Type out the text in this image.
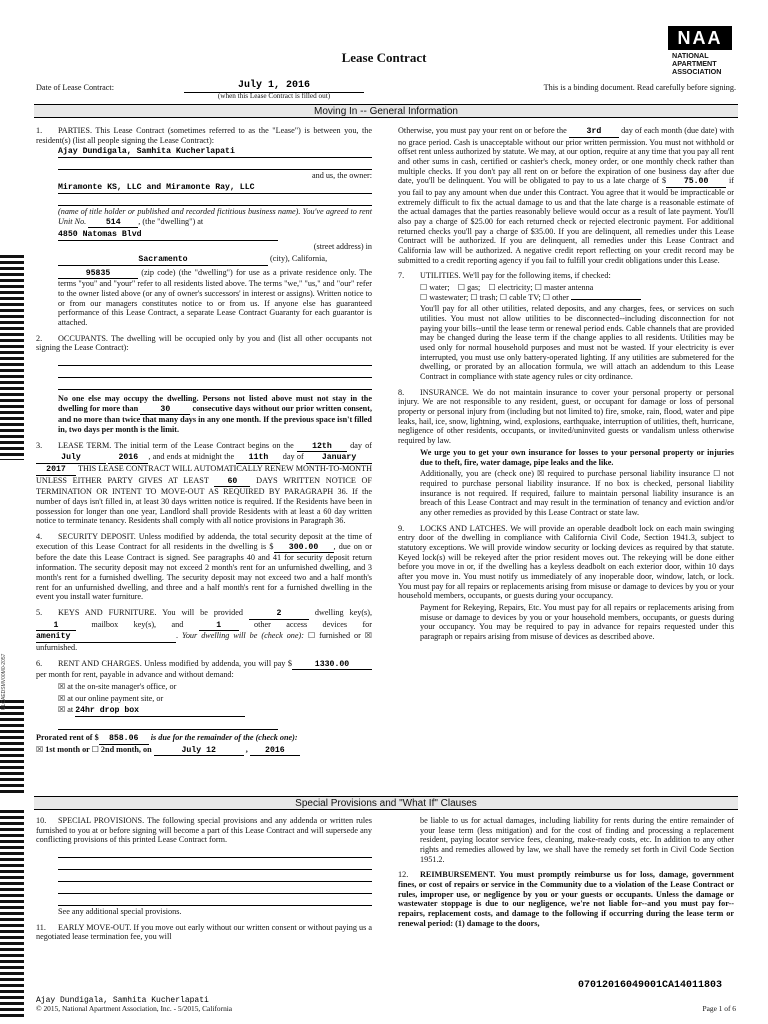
ULCAEDSMV00M0-2057
Lease Contract
NAA
NATIONAL
APARTMENT
ASSOCIATION
Date of Lease Contract:	July 1, 2016
(when this Lease Contract is filled out)
This is a binding document. Read carefully before signing.
Moving In -- General Information

1. PARTIES. This Lease Contract (sometimes referred to as the "Lease") is between you, the resident(s) (list all people signing the Lease Contract):

Ajay Dundigala, Samhita Kucherlapati

and us, the owner:

Miramonte KS, LLC and Miramonte Ray, LLC

(name of title holder or published and recorded fictitious business name). You've agreed to rent Unit No. 514 , (the "dwelling") at

4850 Natomas Blvd

(street address) in

Sacramento	(city), California,

95835	(zip code) (the "dwelling") for use as a private residence only. The terms "you" and "your" refer to all residents listed above. The terms "we," "us," and "our" refer to the owner listed above (or any of owner's successors' in interest or assigns). Written notice to or from our managers constitutes notice to or from us. If anyone else has guaranteed performance of this Lease Contract, a separate Lease Contract Guaranty for each guarantor is attached.

2. OCCUPANTS. The dwelling will be occupied only by you and (list all other occupants not signing the Lease Contract):

No one else may occupy the dwelling. Persons not listed above must not stay in the dwelling for more than	30	consecutive days without our prior written consent, and no more than twice that many days in any one month. If the previous space isn't filled in, two days per month is the limit.

3. LEASE TERM. The initial term of the Lease Contract begins on the 12th day of July	2016 , and ends at midnight the 11th day of January 2017 THIS LEASE CONTRACT WILL AUTOMATICALLY RENEW MONTH-TO-MONTH UNLESS EITHER PARTY GIVES AT LEAST 60 DAYS WRITTEN NOTICE OF TERMINATION OR INTENT TO MOVE-OUT AS REQUIRED BY PARAGRAPH 36. If the number of days isn't filled in, at least 30 days written notice is required. If the Residents have been in possession for longer than one year, Landlord shall provide Residents with at least a 60 day written notice to terminate tenancy. Residents shall comply with all notice provisions in Paragraph 36.

4. SECURITY DEPOSIT. Unless modified by addenda, the total security deposit at the time of execution of this Lease Contract for all residents in the dwelling is $ 300.00 , due on or before the date this Lease Contract is signed. See paragraphs 40 and 41 for security deposit return information. The security deposit may not exceed 2 month's rent for an unfurnished dwelling, and 3 month's rent for a furnished dwelling. The security deposit may not exceed two and a half month's rent for an unfurnished dwelling, and three and a half month's rent for a furnished dwelling in the event you install water furniture.

5. KEYS AND FURNITURE. You will be provided	2	dwelling key(s), 1	mailbox key(s), and	1	other access devices for amenity	. Your dwelling will be (check one): ☐ furnished or ☒ unfurnished.

6. RENT AND CHARGES. Unless modified by addenda, you will pay $	1330.00 per month for rent, payable in advance and without demand:

☒ at the on-site manager's office, or

☒ at our online payment site, or

☒ at 24hr drop box

Prorated rent of $ 858.06 is due for the remainder of the (check one):
☒ 1st month or ☐ 2nd month, on	July 12	, 2016

Otherwise, you must pay your rent on or before the 3rd day of each month (due date) with no grace period. Cash is unacceptable without our prior written permission. You must not withhold or offset rent unless authorized by statute. We may, at our option, require at any time that you pay all rent and other sums in cash, certified or cashier's check, money order, or one monthly check rather than multiple checks. If you don't pay all rent on or before the expiration of one business day after due date, you'll be delinquent. You will be obligated to pay to us a late charge of $ 75.00	if you fail to pay any amount when due under this Contract. You agree that it would be impracticable or extremely difficult to fix the actual damage to us and that the late charge is a reasonable estimate of the actual damages that the parties reasonably believe would occur as a result of late payment. You'll also pay a charge of $25.00 for each returned check or rejected electronic payment. For additional returned checks you'll pay a charge of $35.00. If you are delinquent, all remedies under this Lease Contract will be authorized. If you are delinquent, all remedies under this Lease Contract and California law will be authorized. A negative credit report reflecting on your credit record may be submitted to a credit reporting agency if you fail to fulfill your credit obligations under this Lease.

7. UTILITIES. We'll pay for the following items, if checked:

☐ water; ☐ gas; ☐ electricity; ☐ master antenna
☐ wastewater; ☐ trash; ☐ cable TV; ☐ other

You'll pay for all other utilities, related deposits, and any charges, fees, or services on such utilities. You must not allow utilities to be disconnected--including disconnection for not paying your bills--until the lease term or renewal period ends. Cable channels that are provided may be changed during the lease term if the change applies to all residents. Utilities may be used only for normal household purposes and must not be wasted. If your electricity is ever interrupted, you must use only battery-operated lighting. If any utilities are submetered for the dwelling, or prorated by an allocation formula, we will attach an addendum to this Lease Contract in compliance with state agency rules or city ordinance.

8. INSURANCE. We do not maintain insurance to cover your personal property or personal injury. We are not responsible to any resident, guest, or occupant for damage or loss of personal property or personal injury from (including but not limited to) fire, smoke, rain, flood, water and pipe leaks, hail, ice, snow, lightning, wind, explosions, earthquake, interruption of utilities, theft, hurricane, negligence of other residents, occupants, or invited/uninvited guests or vandalism unless otherwise required by law.

We urge you to get your own insurance for losses to your personal property or injuries due to theft, fire, water damage, pipe leaks and the like.

Additionally, you are (check one) ☒ required to purchase personal liability insurance ☐ not required to purchase personal liability insurance. If no box is checked, personal liability insurance is not required. If required, failure to maintain personal liability insurance is an breach of this Lease Contract and may result in the termination of tenancy and eviction and/or any other remedies as provided by this Lease Contract or state law.

9. LOCKS AND LATCHES. We will provide an operable deadbolt lock on each main swinging entry door of the dwelling in compliance with California Civil Code, Section 1941.3, subject to statutory exceptions. We will provide window security or locking devices as required by that statute. Keyed lock(s) will be rekeyed after the prior resident moves out. The rekeying will be done either before you move in or, if the dwelling has a keyless deadbolt on each exterior door, within 10 days after you move in. You must notify us immediately of any inoperable door, window, latch, or lock. You must pay for all repairs or replacements arising from misuse or damage to devices by you or your household members, occupants, or guests during your occupancy.

Payment for Rekeying, Repairs, Etc. You must pay for all repairs or replacements arising from misuse or damage to devices by you or your household members, occupants, or guests during your occupancy. You may be required to pay in advance for repairs requested under this paragraph or repairs arising from misuse of devices as described above.

Special Provisions and "What If" Clauses

10. SPECIAL PROVISIONS. The following special provisions and any addenda or written rules furnished to you at or before signing will become a part of this Lease Contract and will supersede any conflicting provisions of this printed Lease Contract form.

See any additional special provisions.

11. EARLY MOVE-OUT. If you move out early without our written consent or without paying us a negotiated lease termination fee, you will

be liable to us for actual damages, including liability for rents during the entire remainder of your lease term (less mitigation) and for the cost of finding and processing a replacement resident, paying locator service fees, cleaning, make-ready costs, etc. In addition to any other rights and remedies allowed by law, we shall have the remedy set forth in Civil Code Section 1951.2.

12. REIMBURSEMENT. You must promptly reimburse us for loss, damage, government fines, or cost of repairs or service in the Community due to a violation of the Lease Contract or rules, improper use, or negligence by you or your guests or occupants. Unless the damage or wastewater stoppage is due to our negligence, we're not liable for--and you must pay for--repairs, replacement costs, and damage to the following if occurring during the lease term or renewal period: (1) damage to the doors,

07012016049001CA14011803
Ajay Dundigala, Samhita Kucherlapati
© 2015, National Apartment Association, Inc. - 5/2015, California	Page 1 of 6
